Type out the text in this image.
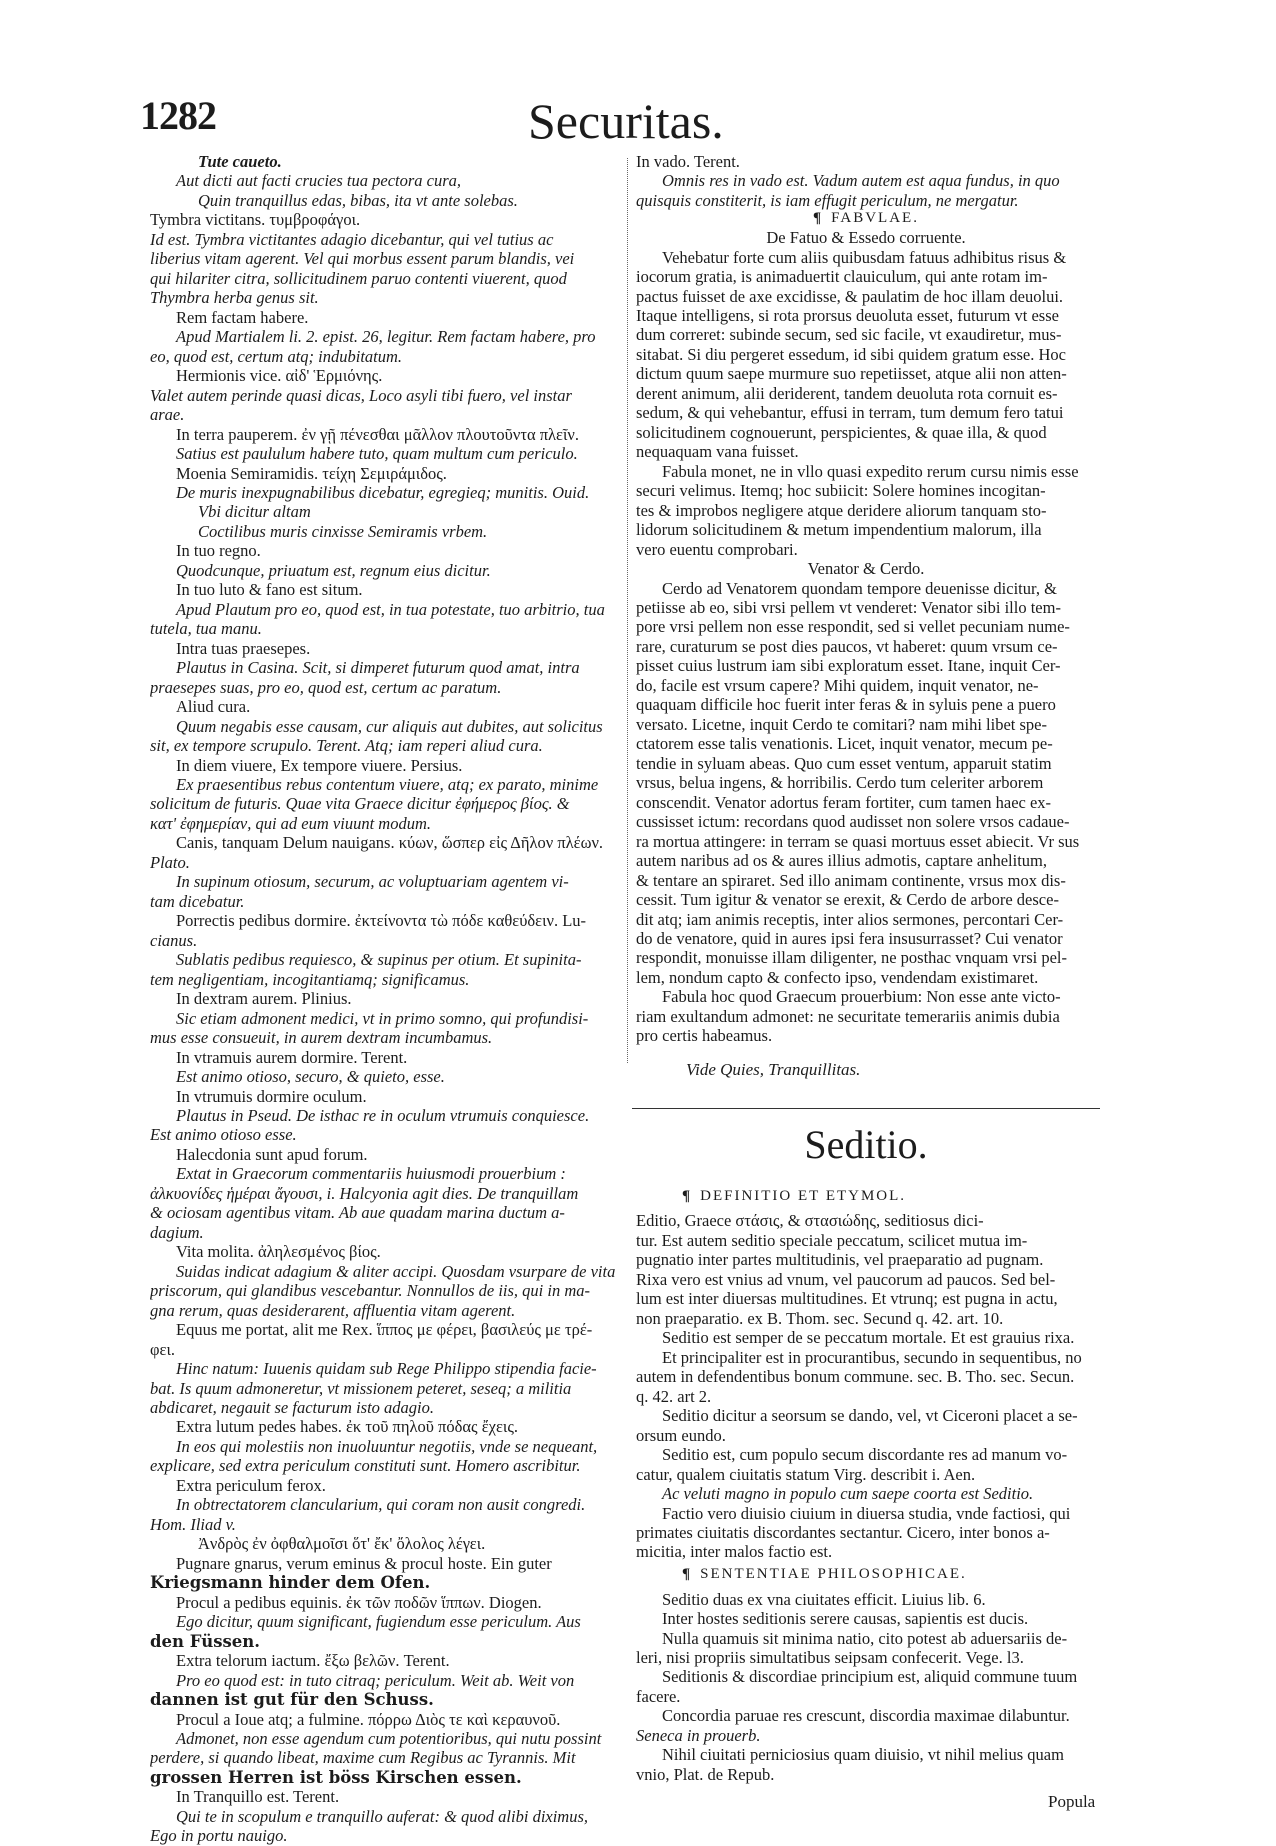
1282	Securitas.
Tute caueto.
Aut dicti aut facti crucies tua pectora cura,
Quin tranquillus edas, bibas, ita vt ante solebas.
Tymbra victitans. τυμβροφάγοι.
Id est. Tymbra victitantes adagio dicebantur, qui vel tutius ac
liberius vitam agerent. Vel qui morbus essent parum blandis, vei
qui hilariter citra, sollicitudinem paruo contenti viuerent, quod
Thymbra herba genus sit.
Rem factam habere.
Apud Martialem li. 2. epist. 26, legitur. Rem factam habere, pro
eo, quod est, certum atq; indubitatum.
Hermionis vice. αἰδ' Ἑρμιόνης.
Valet autem perinde quasi dicas, Loco asyli tibi fuero, vel instar
arae.
In terra pauperem. ἐν γῇ πένεσθαι μᾶλλον πλουτοῦντα πλεῖν.
Satius est paululum habere tuto, quam multum cum periculo.
Moenia Semiramidis. τείχη Σεμιράμιδος.
De muris inexpugnabilibus dicebatur, egregieq; munitis. Ouid.
Vbi dicitur altam
Coctilibus muris cinxisse Semiramis vrbem.
In tuo regno.
Quodcunque, priuatum est, regnum eius dicitur.
In tuo luto & fano est situm.
Apud Plautum pro eo, quod est, in tua potestate, tuo arbitrio, tua
tutela, tua manu.
Intra tuas praesepes.
Plautus in Casina. Scit, si dimperet futurum quod amat, intra
praesepes suas, pro eo, quod est, certum ac paratum.
Aliud cura.
Quum negabis esse causam, cur aliquis aut dubites, aut solicitus
sit, ex tempore scrupulo. Terent. Atq; iam reperi aliud cura.
In diem viuere, Ex tempore viuere. Persius.
Ex praesentibus rebus contentum viuere, atq; ex parato, minime
solicitum de futuris. Quae vita Graece dicitur ἐφήμερος βίος. &
κατ' ἐφημερίαν, qui ad eum viuunt modum.
Canis, tanquam Delum nauigans. κύων, ὥσπερ εἰς Δῆλον πλέων.
Plato.
In supinum otiosum, securum, ac voluptuariam agentem vi-
tam dicebatur.
Porrectis pedibus dormire. ἐκτείνοντα τὼ πόδε καθεύδειν. Lu-
cianus.
Sublatis pedibus requiesco, & supinus per otium. Et supinita-
tem negligentiam, incogitantiamq; significamus.
In dextram aurem. Plinius.
Sic etiam admonent medici, vt in primo somno, qui profundisi-
mus esse consueuit, in aurem dextram incumbamus.
In vtramuis aurem dormire. Terent.
Est animo otioso, securo, & quieto, esse.
In vtrumuis dormire oculum.
Plautus in Pseud. De isthac re in oculum vtrumuis conquiesce.
Est animo otioso esse.
Halecdonia sunt apud forum.
Extat in Graecorum commentariis huiusmodi prouerbium :
ἀλκυονίδες ἡμέραι ἄγουσι, i. Halcyonia agit dies. De tranquillam
& ociosam agentibus vitam. Ab aue quadam marina ductum a-
dagium.
Vita molita. ἀληλεσμένος βίος.
Suidas indicat adagium & aliter accipi. Quosdam vsurpare de vita
priscorum, qui glandibus vescebantur. Nonnullos de iis, qui in ma-
gna rerum, quas desiderarent, affluentia vitam agerent.
Equus me portat, alit me Rex. ἵππος με φέρει, βασιλεύς με τρέ-
φει.
Hinc natum: Iuuenis quidam sub Rege Philippo stipendia facie-
bat. Is quum admoneretur, vt missionem peteret, seseq; a militia
abdicaret, negauit se facturum isto adagio.
Extra lutum pedes habes. ἐκ τοῦ πηλοῦ πόδας ἔχεις.
In eos qui molestiis non inuoluuntur negotiis, vnde se nequeant,
explicare, sed extra periculum constituti sunt. Homero ascribitur.
Extra periculum ferox.
In obtrectatorem clancularium, qui coram non ausit congredi.
Hom. Iliad v.
Ἀνδρὸς ἐν ὀφθαλμοῖσι ὅτ' ἔκ' ὄλολος λέγει.
Pugnare gnarus, verum eminus & procul hoste. Ein guter
Kriegsmann hinder dem Ofen.
Procul a pedibus equinis. ἐκ τῶν ποδῶν ἵππων. Diogen.
Ego dicitur, quum significant, fugiendum esse periculum. Aus
den Füssen.
Extra telorum iactum. ἔξω βελῶν. Terent.
Pro eo quod est: in tuto citraq; periculum. Weit ab. Weit von
dannen ist gut für den Schuss.
Procul a Ioue atq; a fulmine. πόρρω Διὸς τε καὶ κεραυνοῦ.
Admonet, non esse agendum cum potentioribus, qui nutu possint
perdere, si quando libeat, maxime cum Regibus ac Tyrannis. Mit
grossen Herren ist böss Kirschen essen.
In Tranquillo est. Terent.
Qui te in scopulum e tranquillo auferat: & quod alibi diximus,
Ego in portu nauigo.
In vado. Terent.
Omnis res in vado est. Vadum autem est aqua fundus, in quo
quisquis constiterit, is iam effugit periculum, ne mergatur.
¶ FABVLAE.
De Fatuo & Essedo corruente.
Vehebatur forte cum aliis quibusdam fatuus adhibitus risus &
iocorum gratia, is animaduertit clauiculum, qui ante rotam im-
pactus fuisset de axe excidisse, & paulatim de hoc illam deuolui.
Itaque intelligens, si rota prorsus deuoluta esset, futurum vt esse
dum correret: subinde secum, sed sic facile, vt exaudiretur, mus-
sitabat. Si diu pergeret essedum, id sibi quidem gratum esse. Hoc
dictum quum saepe murmure suo repetiisset, atque alii non atten-
derent animum, alii deriderent, tandem deuoluta rota cornuit es-
sedum, & qui vehebantur, effusi in terram, tum demum fero tatui
solicitudinem cognouerunt, perspicientes, & quae illa, & quod
nequaquam vana fuisset.
Fabula monet, ne in vllo quasi expedito rerum cursu nimis esse
securi velimus. Itemq; hoc subiicit: Solere homines incogitan-
tes & improbos negligere atque deridere aliorum tanquam sto-
lidorum solicitudinem & metum impendentium malorum, illa
vero euentu comprobari.
Venator & Cerdo.
Cerdo ad Venatorem quondam tempore deuenisse dicitur, &
petiisse ab eo, sibi vrsi pellem vt venderet: Venator sibi illo tem-
pore vrsi pellem non esse respondit, sed si vellet pecuniam nume-
rare, curaturum se post dies paucos, vt haberet: quum vrsum ce-
pisset cuius lustrum iam sibi exploratum esset. Itane, inquit Cer-
do, facile est vrsum capere? Mihi quidem, inquit venator, ne-
quaquam difficile hoc fuerit inter feras & in syluis pene a puero
versato. Licetne, inquit Cerdo te comitari? nam mihi libet spe-
ctatorem esse talis venationis. Licet, inquit venator, mecum pe-
tendie in syluam abeas. Quo cum esset ventum, apparuit statim
vrsus, belua ingens, & horribilis. Cerdo tum celeriter arborem
conscendit. Venator adortus feram fortiter, cum tamen haec ex-
cussisset ictum: recordans quod audisset non solere vrsos cadaue-
ra mortua attingere: in terram se quasi mortuus esset abiecit. Vr sus
autem naribus ad os & aures illius admotis, captare anhelitum,
& tentare an spiraret. Sed illo animam continente, vrsus mox dis-
cessit. Tum igitur & venator se erexit, & Cerdo de arbore desce-
dit atq; iam animis receptis, inter alios sermones, percontari Cer-
do de venatore, quid in aures ipsi fera insusurrasset? Cui venator
respondit, monuisse illam diligenter, ne posthac vnquam vrsi pel-
lem, nondum capto & confecto ipso, vendendam existimaret.
Fabula hoc quod Graecum prouerbium: Non esse ante victo-
riam exultandum admonet: ne securitate temerariis animis dubia
pro certis habeamus.
Vide Quies, Tranquillitas.
Seditio.
¶ DEFINITIO ET ETYMOL.
Editio, Graece στάσις, & στασιώδης, seditiosus dici-
tur. Est autem seditio speciale peccatum, scilicet mutua im-
pugnatio inter partes multitudinis, vel praeparatio ad pugnam.
Rixa vero est vnius ad vnum, vel paucorum ad paucos. Sed bel-
lum est inter diuersas multitudines. Et vtrunq; est pugna in actu,
non praeparatio. ex B. Thom. sec. Secund q. 42. art. 10.
Seditio est semper de se peccatum mortale. Et est grauius rixa.
Et principaliter est in procurantibus, secundo in sequentibus, no
autem in defendentibus bonum commune. sec. B. Tho. sec. Secun.
q. 42. art 2.
Seditio dicitur a seorsum se dando, vel, vt Ciceroni placet a se-
orsum eundo.
Seditio est, cum populo secum discordante res ad manum vo-
catur, qualem ciuitatis statum Virg. describit i. Aen.
Ac veluti magno in populo cum saepe coorta est Seditio.
Factio vero diuisio ciuium in diuersa studia, vnde factiosi, qui
primates ciuitatis discordantes sectantur. Cicero, inter bonos a-
micitia, inter malos factio est.
¶ SENTENTIAE PHILOSOPHICAE.
Seditio duas ex vna ciuitates efficit. Liuius lib. 6.
Inter hostes seditionis serere causas, sapientis est ducis.
Nulla quamuis sit minima natio, cito potest ab aduersariis de-
leri, nisi propriis simultatibus seipsam confecerit. Vege. l3.
Seditionis & discordiae principium est, aliquid commune tuum
facere.
Concordia paruae res crescunt, discordia maximae dilabuntur.
Seneca in prouerb.
Nihil ciuitati perniciosius quam diuisio, vt nihil melius quam
vnio, Plat. de Repub.
Popula
